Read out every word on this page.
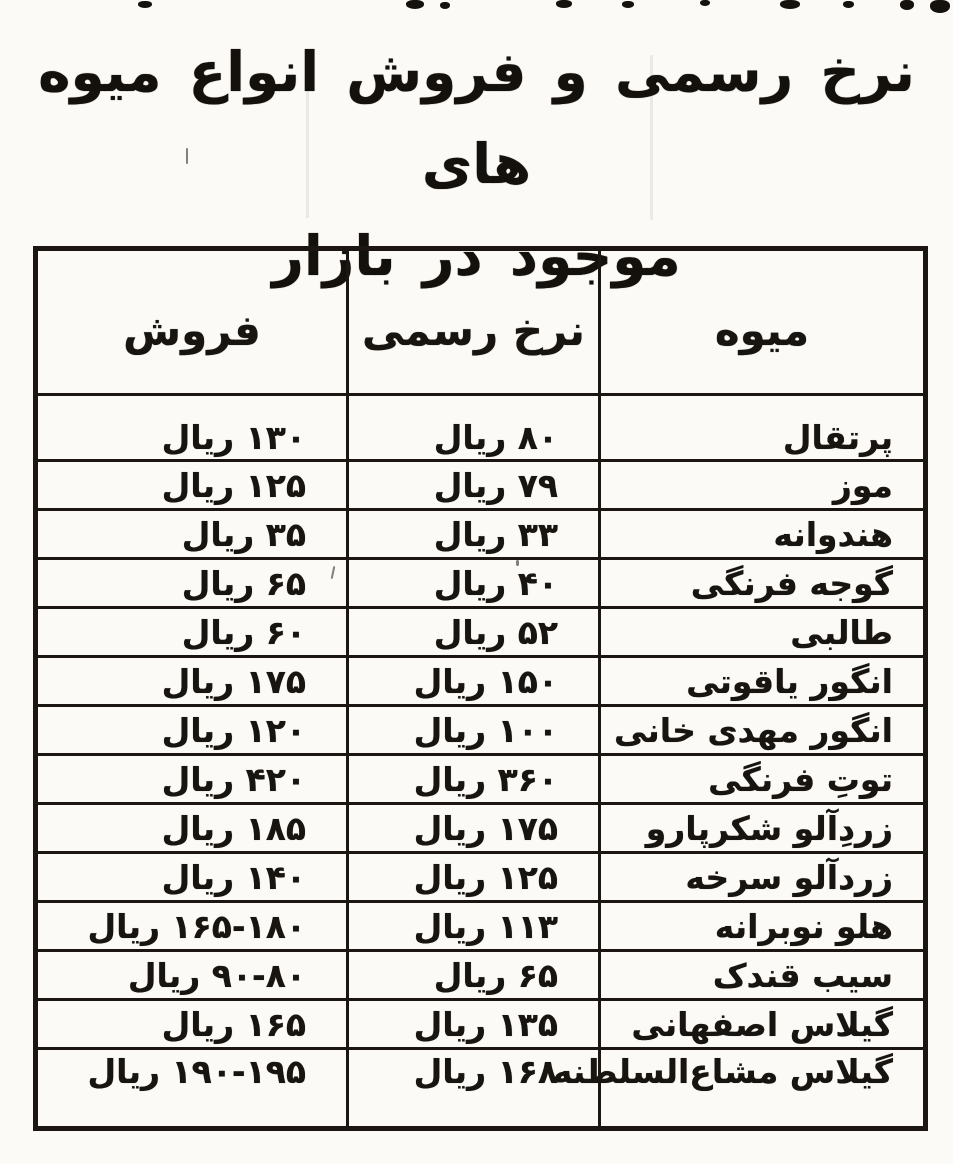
نرخ رسمی و فروش انواع میوه های
موجود در بازار
میوه	نرخ رسمی	فروش
پرتقال	۸۰ ریال	۱۳۰ ریال
موز	۷۹ ریال	۱۲۵ ریال
هندوانه	۳۳ ریال	۳۵ ریال
گوجه فرنگی	۴۰ ریال	۶۵ ریال
طالبی	۵۲ ریال	۶۰ ریال
انگور یاقوتی	۱۵۰ ریال	۱۷۵ ریال
انگور مهدی خانی	۱۰۰ ریال	۱۲۰ ریال
توتِ فرنگی	۳۶۰ ریال	۴۲۰ ریال
زردِآلو شکرپارو	۱۷۵ ریال	۱۸۵ ریال
زردآلو سرخه	۱۲۵ ریال	۱۴۰ ریال
هلو نوبرانه	۱۱۳ ریال	۱۶۵-۱۸۰ ریال
سیب قندک	۶۵ ریال	۹۰-۸۰ ریال
گیلاس اصفهانی	۱۳۵ ریال	۱۶۵ ریال
گیلاس مشاع‌السلطنه	۱۶۸ ریال	۱۹۰-۱۹۵ ریال
